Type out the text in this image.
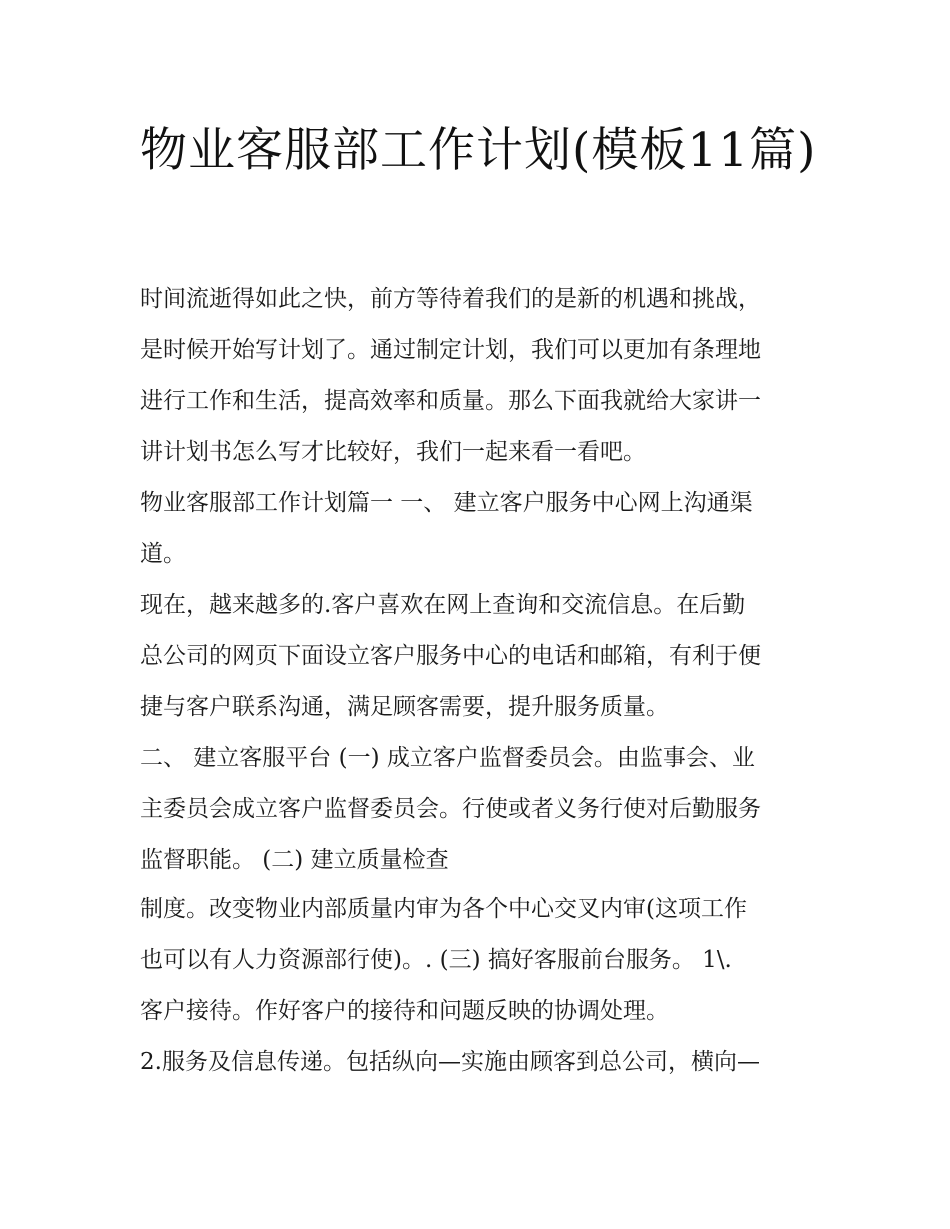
物业客服部工作计划(模板11篇)

时间流逝得如此之快，前方等待着我们的是新的机遇和挑战，

是时候开始写计划了。通过制定计划，我们可以更加有条理地

进行工作和生活，提高效率和质量。那么下面我就给大家讲一

讲计划书怎么写才比较好，我们一起来看一看吧。

物业客服部工作计划篇一 一、 建立客户服务中心网上沟通渠

道。

现在，越来越多的.客户喜欢在网上查询和交流信息。在后勤

总公司的网页下面设立客户服务中心的电话和邮箱，有利于便

捷与客户联系沟通，满足顾客需要，提升服务质量。

二、 建立客服平台 (一) 成立客户监督委员会。由监事会、业

主委员会成立客户监督委员会。行使或者义务行使对后勤服务

监督职能。 (二) 建立质量检查

制度。改变物业内部质量内审为各个中心交叉内审(这项工作

也可以有人力资源部行使)。. (三) 搞好客服前台服务。 1\.

客户接待。作好客户的接待和问题反映的协调处理。

2.服务及信息传递。包括纵向—实施由顾客到总公司，横向—
